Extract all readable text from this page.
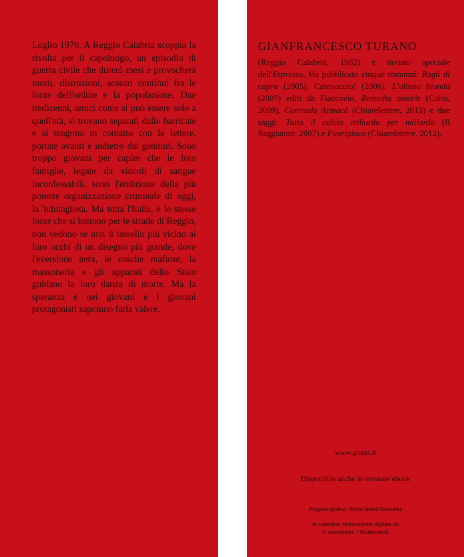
Luglio 1970. A Reggio Calabria scoppia la rivolta per il capoluogo, un episodio di guerra civile che durerà mesi e provocherà morti, distruzioni, scontri continui fra le forze dell'ordine e la popolazione. Due tredicenni, amici come si può essere solo a quell'età, si trovano separati dalle barricate e si tengono in contatto con le lettere, portate avanti e indietro dai genitori. Sono troppo giovani per capire che le loro famiglie, legate da vincoli di sangue inconfessabili, sono l'embrione della più potente organizzazione criminale di oggi, la 'ndrangheta. Ma tutta l'Italia, e le stesse forze che si battono per le strade di Reggio, non vedono se non il tassello più vicino ai loro occhi di un disegno più grande, dove l'eversione nera, le cosche mafiose, la massoneria e gli apparati dello Stato guidano la loro danza di morte. Ma la speranza è nei giovani e i giovani protagonisti sapranno farla valere.

GIANFRANCESCO TURANO

(Reggio Calabria, 1962) è inviato speciale dell'Espresso. Ha pubblicato cinque romanzi: Ragù di capra (2005), Catenaccio! (2006), L'ultima bionda (2007) editi da Fiaccovio, Remedia amoris (Cairo, 2009), Contrada Armacà (Chiarelettere, 2013) e due saggi: Tutto il calcio miliardo per miliardo (Il Saggiatore, 2007) e Fuorigioco (Chiarelettere, 2012).

www.giunti.it
Disponibile anche in versione ebook
Progetto grafico: Rocío Isabel González
In copertina: elaborazione digitale da
© senoldoktor / Shutterstock
